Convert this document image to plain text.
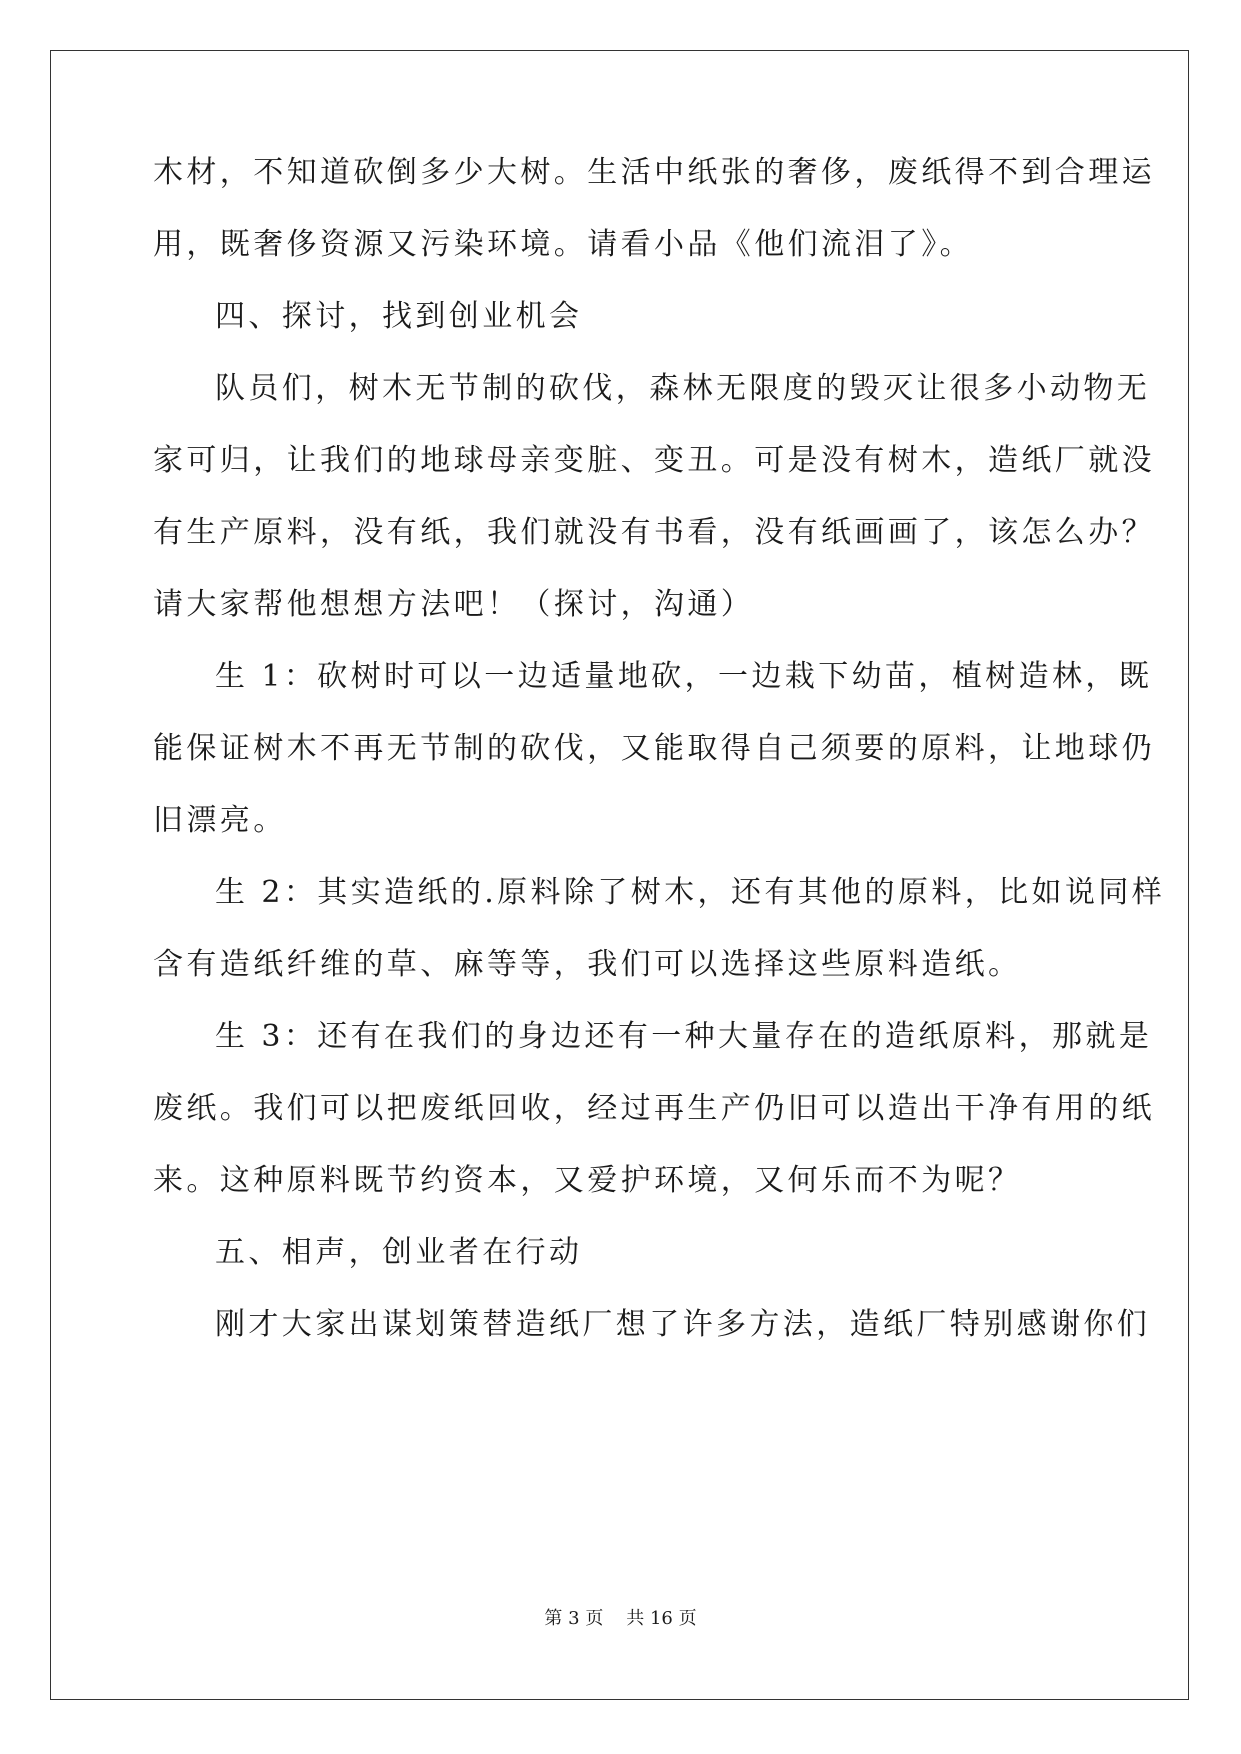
木材，不知道砍倒多少大树。生活中纸张的奢侈，废纸得不到合理运
用，既奢侈资源又污染环境。请看小品《他们流泪了》。
四、探讨，找到创业机会
队员们，树木无节制的砍伐，森林无限度的毁灭让很多小动物无
家可归，让我们的地球母亲变脏、变丑。可是没有树木，造纸厂就没
有生产原料，没有纸，我们就没有书看，没有纸画画了，该怎么办？
请大家帮他想想方法吧！（探讨，沟通）
生 1：砍树时可以一边适量地砍，一边栽下幼苗，植树造林，既
能保证树木不再无节制的砍伐，又能取得自己须要的原料，让地球仍
旧漂亮。
生 2：其实造纸的.原料除了树木，还有其他的原料，比如说同样
含有造纸纤维的草、麻等等，我们可以选择这些原料造纸。
生 3：还有在我们的身边还有一种大量存在的造纸原料，那就是
废纸。我们可以把废纸回收，经过再生产仍旧可以造出干净有用的纸
来。这种原料既节约资本，又爱护环境，又何乐而不为呢？
五、相声，创业者在行动
刚才大家出谋划策替造纸厂想了许多方法，造纸厂特别感谢你们
第 3 页 共 16 页
